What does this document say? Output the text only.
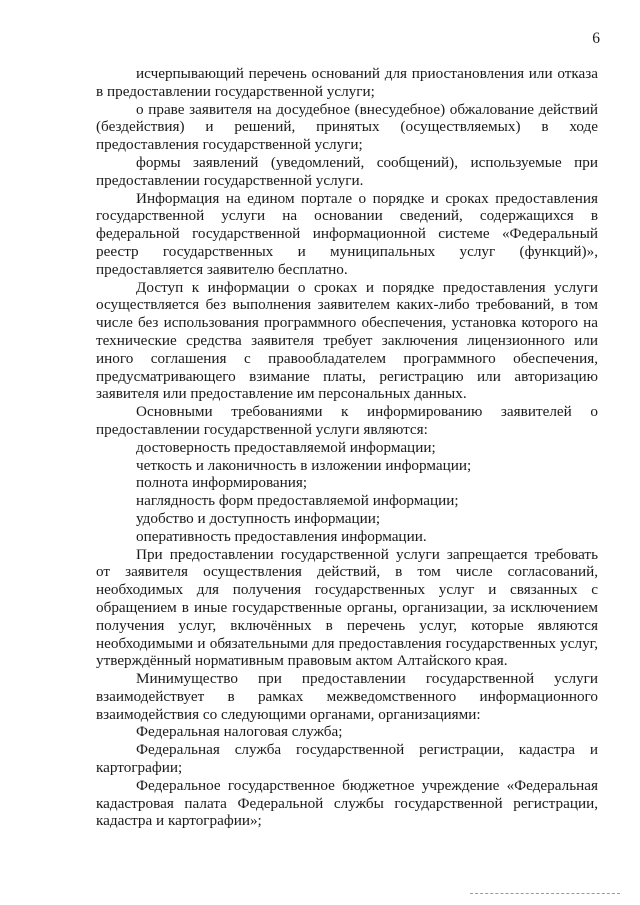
6

исчерпывающий перечень оснований для приостановления или отказа в предоставлении государственной услуги;

о праве заявителя на досудебное (внесудебное) обжалование действий (бездействия) и решений, принятых (осуществляемых) в ходе предоставления государственной услуги;

формы заявлений (уведомлений, сообщений), используемые при предоставлении государственной услуги.

Информация на едином портале о порядке и сроках предоставления государственной услуги на основании сведений, содержащихся в федеральной государственной информационной системе «Федеральный реестр государственных и муниципальных услуг (функций)», предоставляется заявителю бесплатно.

Доступ к информации о сроках и порядке предоставления услуги осуществляется без выполнения заявителем каких-либо требований, в том числе без использования программного обеспечения, установка которого на технические средства заявителя требует заключения лицензионного или иного соглашения с правообладателем программного обеспечения, предусматривающего взимание платы, регистрацию или авторизацию заявителя или предоставление им персональных данных.

Основными требованиями к информированию заявителей о предоставлении государственной услуги являются:

достоверность предоставляемой информации;

четкость и лаконичность в изложении информации;

полнота информирования;

наглядность форм предоставляемой информации;

удобство и доступность информации;

оперативность предоставления информации.

При предоставлении государственной услуги запрещается требовать от заявителя осуществления действий, в том числе согласований, необходимых для получения государственных услуг и связанных с обращением в иные государственные органы, организации, за исключением получения услуг, включённых в перечень услуг, которые являются необходимыми и обязательными для предоставления государственных услуг, утверждённый нормативным правовым актом Алтайского края.

Минимущество при предоставлении государственной услуги взаимодействует в рамках межведомственного информационного взаимодействия со следующими органами, организациями:

Федеральная налоговая служба;

Федеральная служба государственной регистрации, кадастра и картографии;

Федеральное государственное бюджетное учреждение «Федеральная кадастровая палата Федеральной службы государственной регистрации, кадастра и картографии»;
